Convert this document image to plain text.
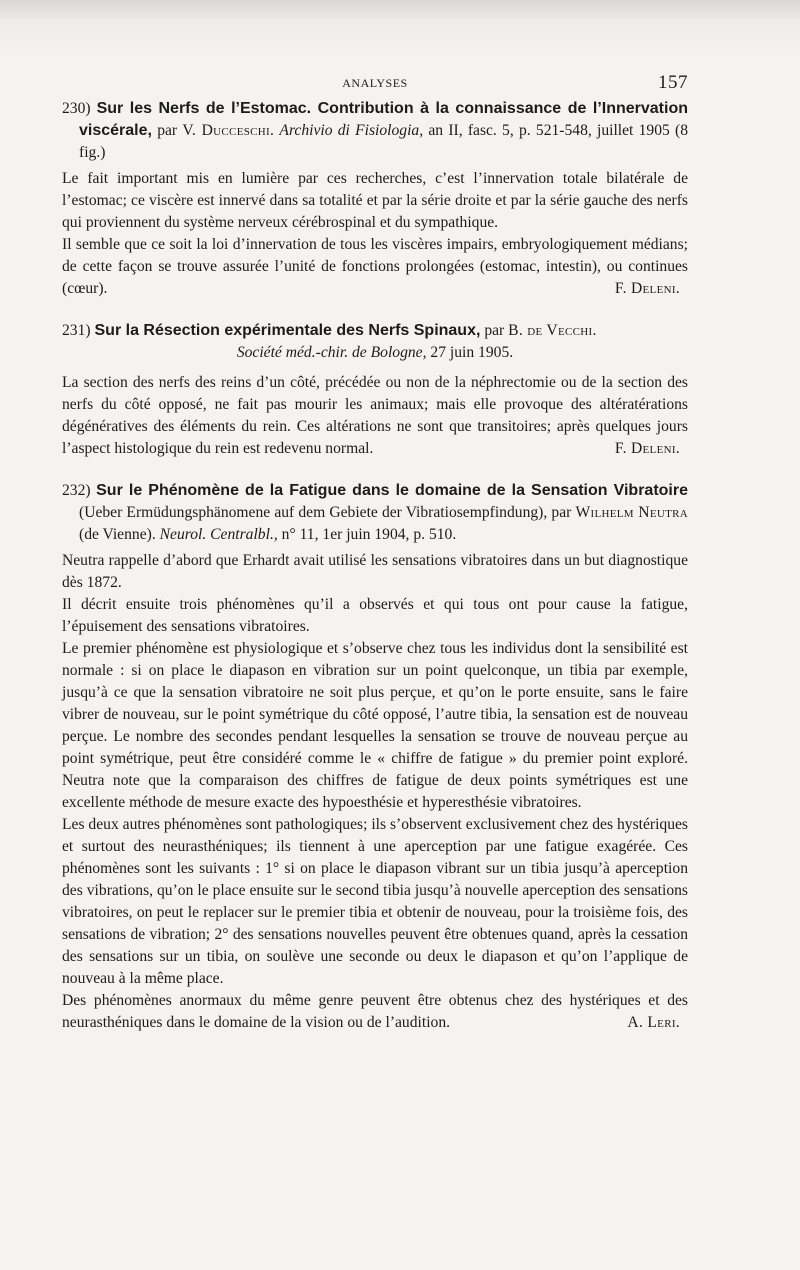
ANALYSES	157

230) Sur les Nerfs de l’Estomac. Contribution à la connaissance de l’Innervation viscérale, par V. Ducceschi. Archivio di Fisiologia, an II, fasc. 5, p. 521-548, juillet 1905 (8 fig.)

Le fait important mis en lumière par ces recherches, c’est l’innervation totale bilatérale de l’estomac; ce viscère est innervé dans sa totalité et par la série droite et par la série gauche des nerfs qui proviennent du système nerveux cérébrospinal et du sympathique.

Il semble que ce soit la loi d’innervation de tous les viscères impairs, embryologiquement médians; de cette façon se trouve assurée l’unité de fonctions prolongées (estomac, intestin), ou continues (cœur).	F. Deleni.

231) Sur la Résection expérimentale des Nerfs Spinaux, par B. de Vecchi.

Société méd.-chir. de Bologne, 27 juin 1905.

La section des nerfs des reins d’un côté, précédée ou non de la néphrectomie ou de la section des nerfs du côté opposé, ne fait pas mourir les animaux; mais elle provoque des altératérations dégénératives des éléments du rein. Ces altérations ne sont que transitoires; après quelques jours l’aspect histologique du rein est redevenu normal.	F. Deleni.

232) Sur le Phénomène de la Fatigue dans le domaine de la Sensation Vibratoire (Ueber Ermüdungsphänomene auf dem Gebiete der Vibratiosempfindung), par Wilhelm Neutra (de Vienne). Neurol. Centralbl., n° 11, 1er juin 1904, p. 510.

Neutra rappelle d’abord que Erhardt avait utilisé les sensations vibratoires dans un but diagnostique dès 1872.

Il décrit ensuite trois phénomènes qu’il a observés et qui tous ont pour cause la fatigue, l’épuisement des sensations vibratoires.

Le premier phénomène est physiologique et s’observe chez tous les individus dont la sensibilité est normale : si on place le diapason en vibration sur un point quelconque, un tibia par exemple, jusqu’à ce que la sensation vibratoire ne soit plus perçue, et qu’on le porte ensuite, sans le faire vibrer de nouveau, sur le point symétrique du côté opposé, l’autre tibia, la sensation est de nouveau perçue. Le nombre des secondes pendant lesquelles la sensation se trouve de nouveau perçue au point symétrique, peut être considéré comme le « chiffre de fatigue » du premier point exploré. Neutra note que la comparaison des chiffres de fatigue de deux points symétriques est une excellente méthode de mesure exacte des hypoesthésie et hyperesthésie vibratoires.

Les deux autres phénomènes sont pathologiques; ils s’observent exclusivement chez des hystériques et surtout des neurasthéniques; ils tiennent à une aperception par une fatigue exagérée. Ces phénomènes sont les suivants : 1° si on place le diapason vibrant sur un tibia jusqu’à aperception des vibrations, qu’on le place ensuite sur le second tibia jusqu’à nouvelle aperception des sensations vibratoires, on peut le replacer sur le premier tibia et obtenir de nouveau, pour la troisième fois, des sensations de vibration; 2° des sensations nouvelles peuvent être obtenues quand, après la cessation des sensations sur un tibia, on soulève une seconde ou deux le diapason et qu’on l’applique de nouveau à la même place.

Des phénomènes anormaux du même genre peuvent être obtenus chez des hystériques et des neurasthéniques dans le domaine de la vision ou de l’audition.	A. Leri.
